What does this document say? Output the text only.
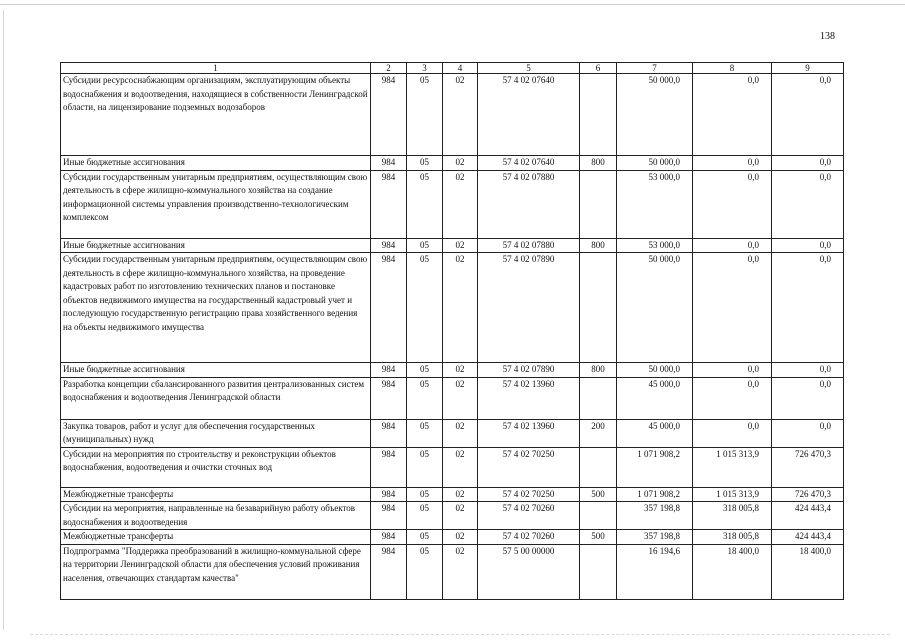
138
1	2	3	4	5	6	7	8	9
Субсидии ресурсоснабжающим организациям, эксплуатирующим объекты водоснабжения и водоотведения, находящиеся в собственности Ленинградской области, на лицензирование подземных водозаборов	984	05	02	57 4 02 07640		50 000,0	0,0	0,0
Иные бюджетные ассигнования	984	05	02	57 4 02 07640	800	50 000,0	0,0	0,0
Субсидии государственным унитарным предприятиям, осуществляющим свою деятельность в сфере жилищно-коммунального хозяйства на создание информационной системы управления производственно-технологическим комплексом	984	05	02	57 4 02 07880		53 000,0	0,0	0,0
Иные бюджетные ассигнования	984	05	02	57 4 02 07880	800	53 000,0	0,0	0,0
Субсидии государственным унитарным предприятиям, осуществляющим свою деятельность в сфере жилищно-коммунального хозяйства, на проведение кадастровых работ по изготовлению технических планов и постановке объектов недвижимого имущества на государственный кадастровый учет и последующую государственную регистрацию права хозяйственного ведения на объекты недвижимого имущества	984	05	02	57 4 02 07890		50 000,0	0,0	0,0
Иные бюджетные ассигнования	984	05	02	57 4 02 07890	800	50 000,0	0,0	0,0
Разработка концепции сбалансированного развития централизованных систем водоснабжения и водоотведения Ленинградской области	984	05	02	57 4 02 13960		45 000,0	0,0	0,0
Закупка товаров, работ и услуг для обеспечения государственных (муниципальных) нужд	984	05	02	57 4 02 13960	200	45 000,0	0,0	0,0
Субсидии на мероприятия по строительству и реконструкции объектов водоснабжения, водоотведения и очистки сточных вод	984	05	02	57 4 02 70250		1 071 908,2	1 015 313,9	726 470,3
Межбюджетные трансферты	984	05	02	57 4 02 70250	500	1 071 908,2	1 015 313,9	726 470,3
Субсидии на мероприятия, направленные на безаварийную работу объектов водоснабжения и водоотведения	984	05	02	57 4 02 70260		357 198,8	318 005,8	424 443,4
Межбюджетные трансферты	984	05	02	57 4 02 70260	500	357 198,8	318 005,8	424 443,4
Подпрограмма "Поддержка преобразований в жилищно-коммунальной сфере на территории Ленинградской области для обеспечения условий проживания населения, отвечающих стандартам качества"	984	05	02	57 5 00 00000		16 194,6	18 400,0	18 400,0
